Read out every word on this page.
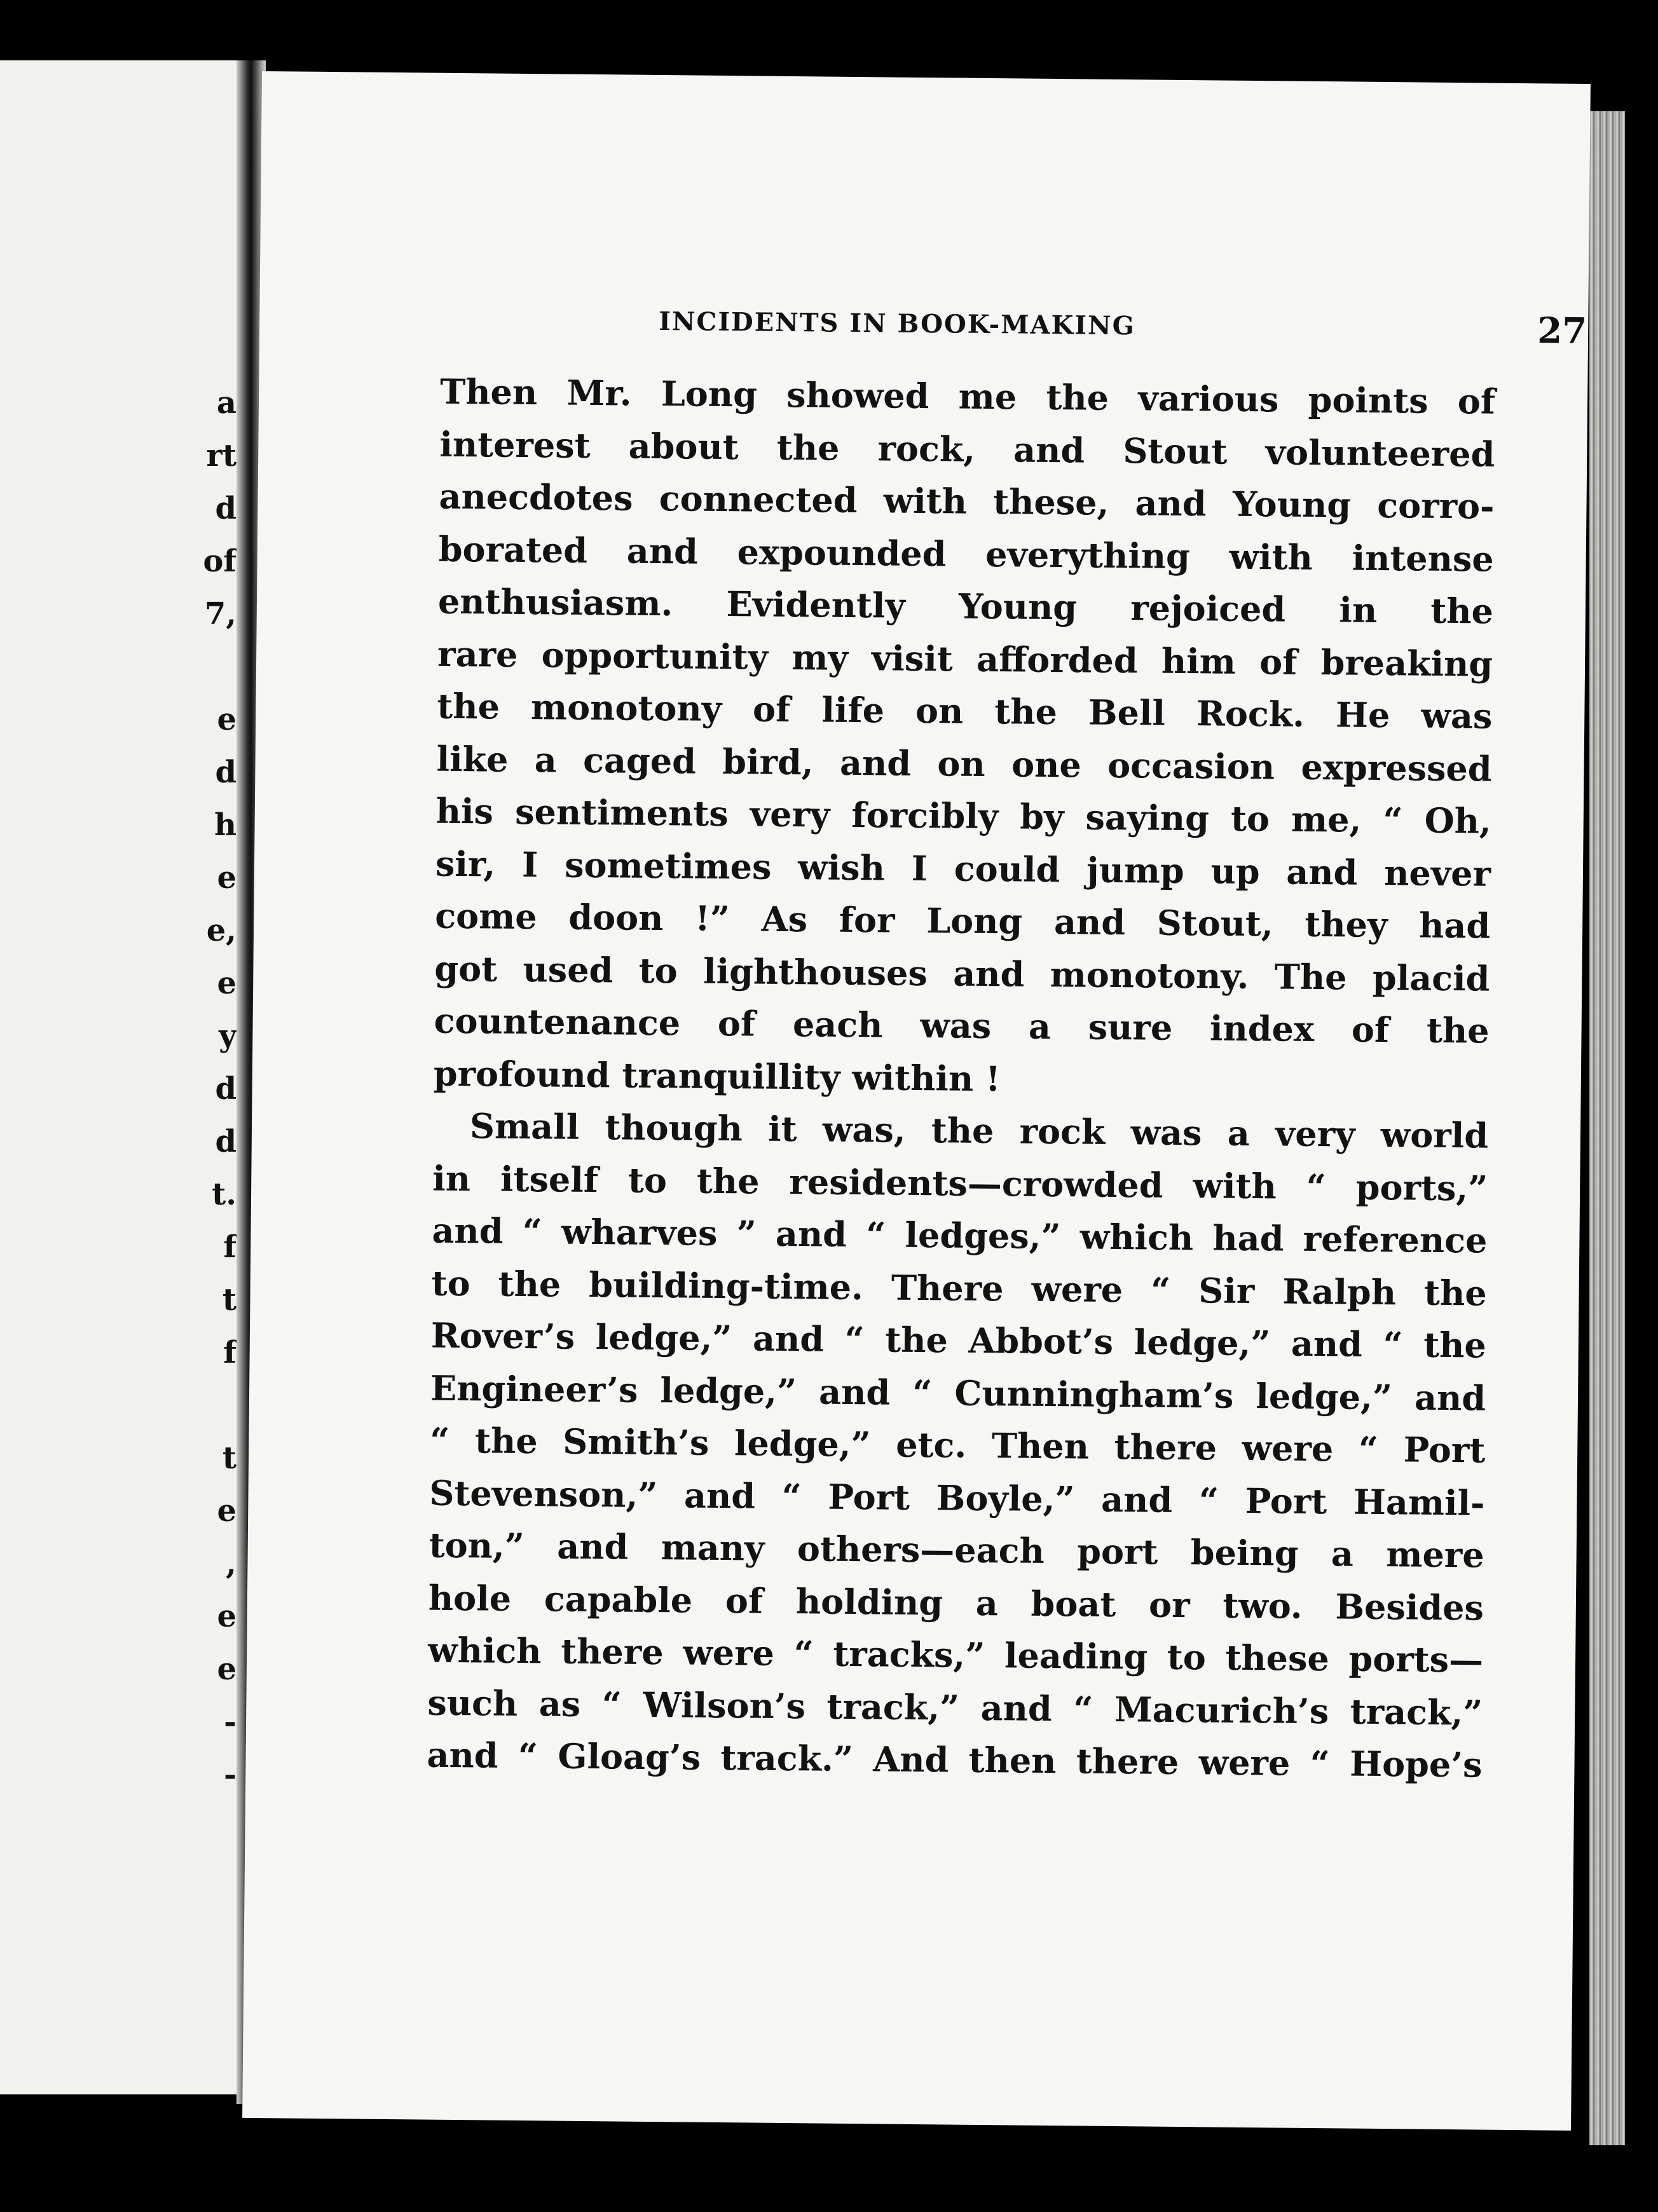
a
rt
d
of
7,
e
d
h
e
e,
e
y
d
d
t.
f
t
f
t
e
,
e
e
-
-
INCIDENTS IN BOOK-MAKING	27
Then Mr. Long showed me the various points of
interest about the rock, and Stout volunteered
anecdotes connected with these, and Young corro-
borated and expounded everything with intense
enthusiasm. Evidently Young rejoiced in the
rare opportunity my visit afforded him of breaking
the monotony of life on the Bell Rock. He was
like a caged bird, and on one occasion expressed
his sentiments very forcibly by saying to me, “ Oh,
sir, I sometimes wish I could jump up and never
come doon !” As for Long and Stout, they had
got used to lighthouses and monotony. The placid
countenance of each was a sure index of the
profound tranquillity within !
Small though it was, the rock was a very world
in itself to the residents—crowded with “ ports,”
and “ wharves ” and “ ledges,” which had reference
to the building-time. There were “ Sir Ralph the
Rover’s ledge,” and “ the Abbot’s ledge,” and “ the
Engineer’s ledge,” and “ Cunningham’s ledge,” and
“ the Smith’s ledge,” etc. Then there were “ Port
Stevenson,” and “ Port Boyle,” and “ Port Hamil-
ton,” and many others—each port being a mere
hole capable of holding a boat or two. Besides
which there were “ tracks,” leading to these ports—
such as “ Wilson’s track,” and “ Macurich’s track,”
and “ Gloag’s track.” And then there were “ Hope’s
